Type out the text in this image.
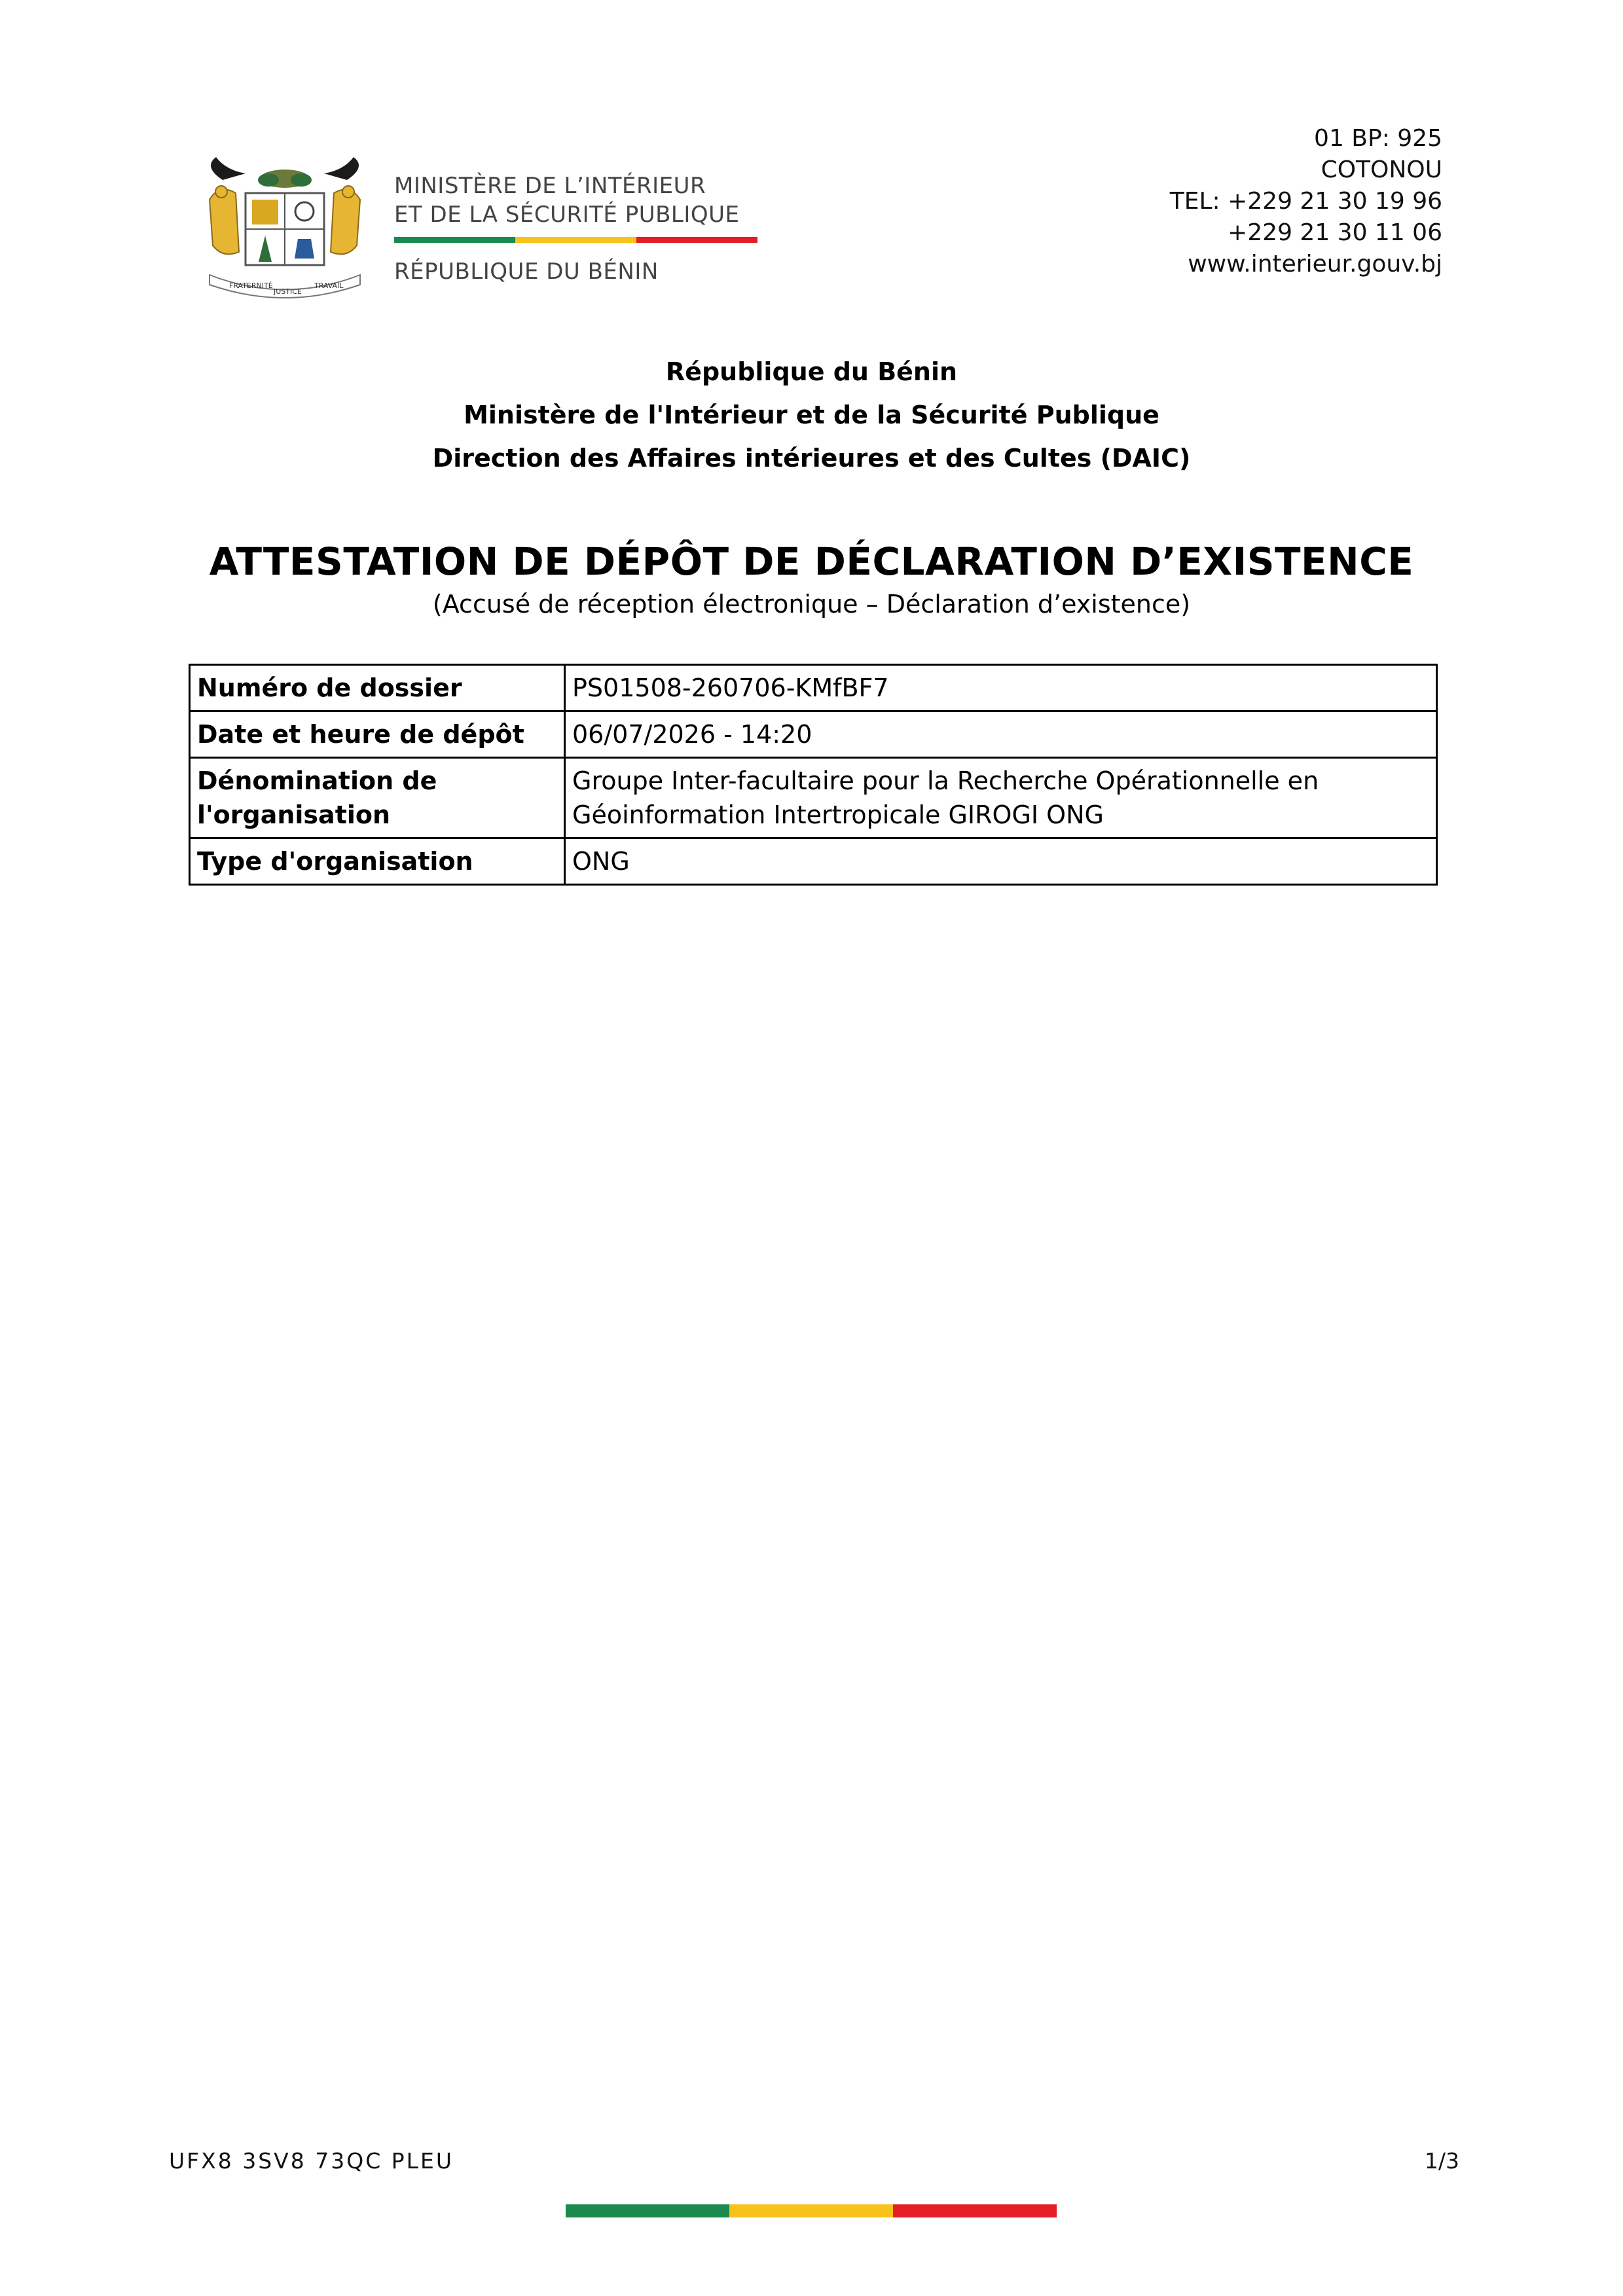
FRATERNITÉ
JUSTICE
TRAVAIL
MINISTÈRE DE L’INTÉRIEUR
ET DE LA SÉCURITÉ PUBLIQUE
RÉPUBLIQUE DU BÉNIN
01 BP: 925
COTONOU
TEL: +229 21 30 19 96
+229 21 30 11 06
www.interieur.gouv.bj
République du Bénin
Ministère de l'Intérieur et de la Sécurité Publique
Direction des Affaires intérieures et des Cultes (DAIC)
ATTESTATION DE DÉPÔT DE DÉCLARATION D’EXISTENCE
(Accusé de réception électronique – Déclaration d’existence)
Numéro de dossier	PS01508-260706-KMfBF7
Date et heure de dépôt	06/07/2026 - 14:20
Dénomination de l'organisation	Groupe Inter-facultaire pour la Recherche Opérationnelle en Géoinformation Intertropicale GIROGI ONG
Type d'organisation	ONG
UFX8 3SV8 73QC PLEU	1/3
